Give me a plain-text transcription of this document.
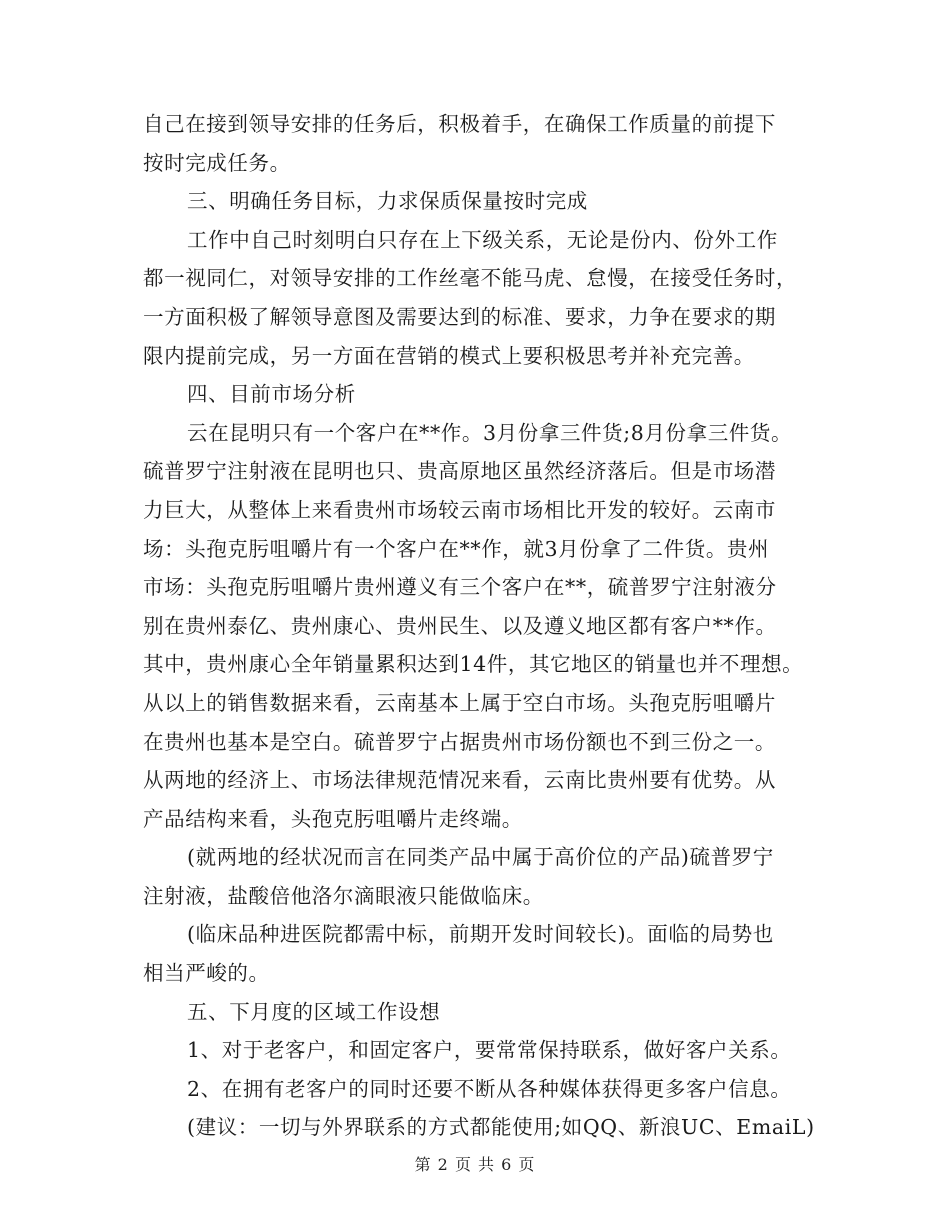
自己在接到领导安排的任务后，积极着手，在确保工作质量的前提下
按时完成任务。
三、明确任务目标，力求保质保量按时完成
工作中自己时刻明白只存在上下级关系，无论是份内、份外工作
都一视同仁，对领导安排的工作丝毫不能马虎、怠慢，在接受任务时，
一方面积极了解领导意图及需要达到的标准、要求，力争在要求的期
限内提前完成，另一方面在营销的模式上要积极思考并补充完善。
四、目前市场分析
云在昆明只有一个客户在**作。3月份拿三件货;8月份拿三件货。
硫普罗宁注射液在昆明也只、贵高原地区虽然经济落后。但是市场潜
力巨大，从整体上来看贵州市场较云南市场相比开发的较好。云南市
场：头孢克肟咀嚼片有一个客户在**作，就3月份拿了二件货。贵州
市场：头孢克肟咀嚼片贵州遵义有三个客户在**，硫普罗宁注射液分
别在贵州泰亿、贵州康心、贵州民生、以及遵义地区都有客户**作。
其中，贵州康心全年销量累积达到14件，其它地区的销量也并不理想。
从以上的销售数据来看，云南基本上属于空白市场。头孢克肟咀嚼片
在贵州也基本是空白。硫普罗宁占据贵州市场份额也不到三份之一。
从两地的经济上、市场法律规范情况来看，云南比贵州要有优势。从
产品结构来看，头孢克肟咀嚼片走终端。
(就两地的经状况而言在同类产品中属于高价位的产品)硫普罗宁
注射液，盐酸倍他洛尔滴眼液只能做临床。
(临床品种进医院都需中标，前期开发时间较长)。面临的局势也
相当严峻的。
五、下月度的区域工作设想
1、对于老客户，和固定客户，要常常保持联系，做好客户关系。
2、在拥有老客户的同时还要不断从各种媒体获得更多客户信息。
(建议：一切与外界联系的方式都能使用;如QQ、新浪UC、EmaiL)
第 2 页 共 6 页
